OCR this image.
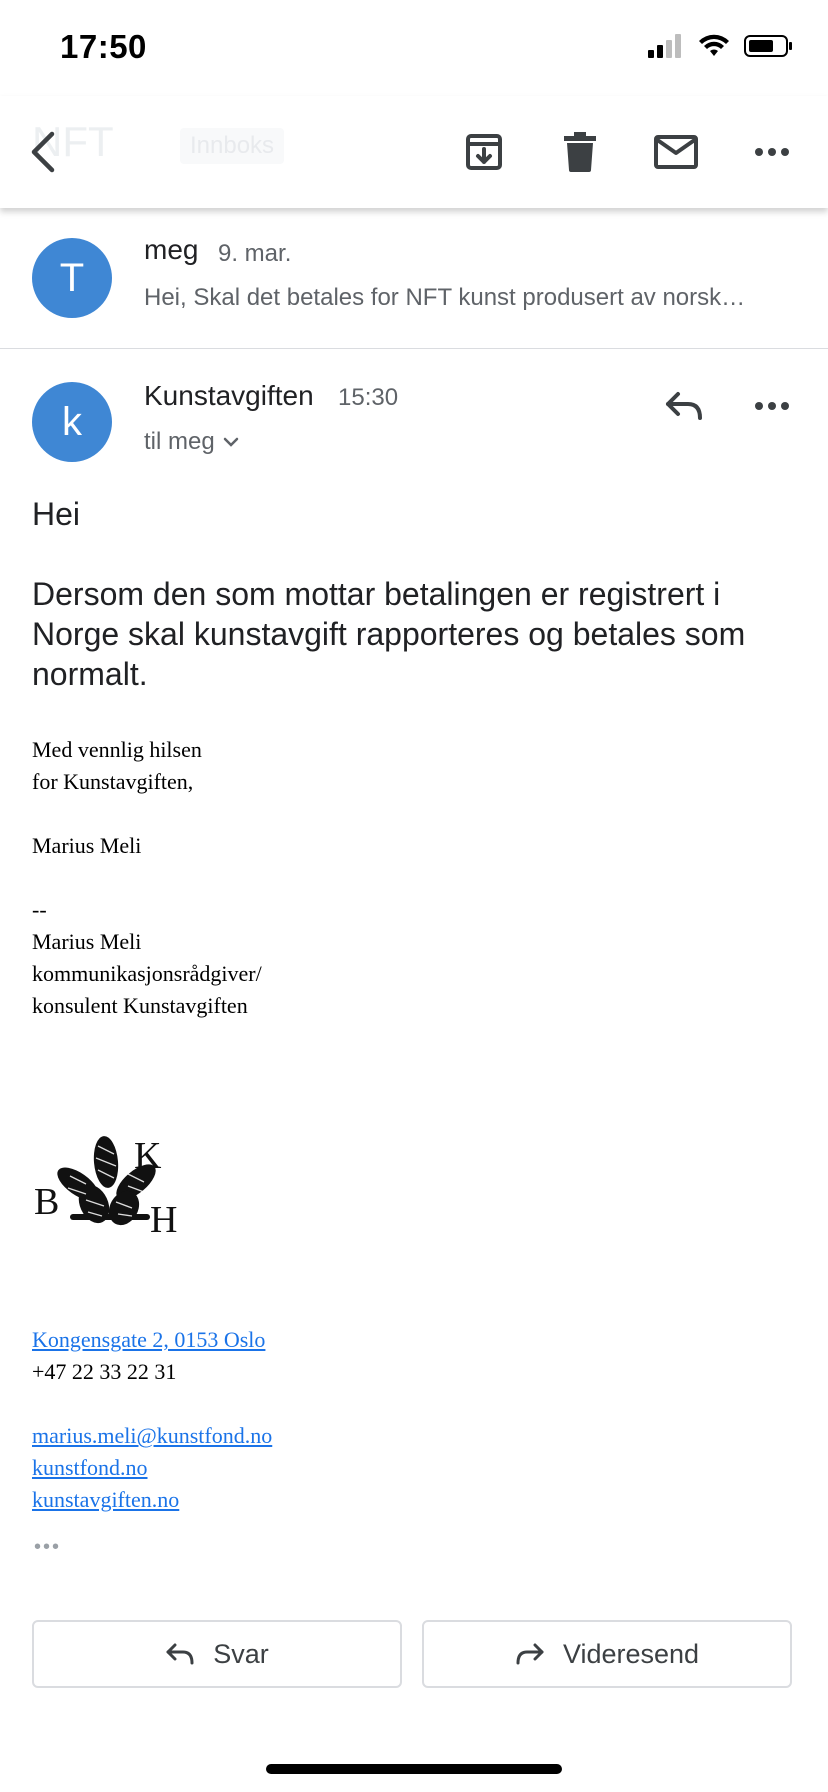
17:50
NFT	Innboks
T
meg 9. mar.
Hei, Skal det betales for NFT kunst produsert av norsk…
k
Kunstavgiften 15:30
til meg
Hei
Dersom den som mottar betalingen er registrert i Norge skal kunstavgift rapporteres og betales som normalt.
Med vennlig hilsen
for Kunstavgiften,
Marius Meli
--
Marius Meli
kommunikasjonsrådgiver/
konsulent Kunstavgiften
B
K
H
Kongensgate 2, 0153 Oslo
+47 22 33 22 31
marius.meli@kunstfond.no
kunstfond.no
kunstavgiften.no
•••
Svar	Videresend
